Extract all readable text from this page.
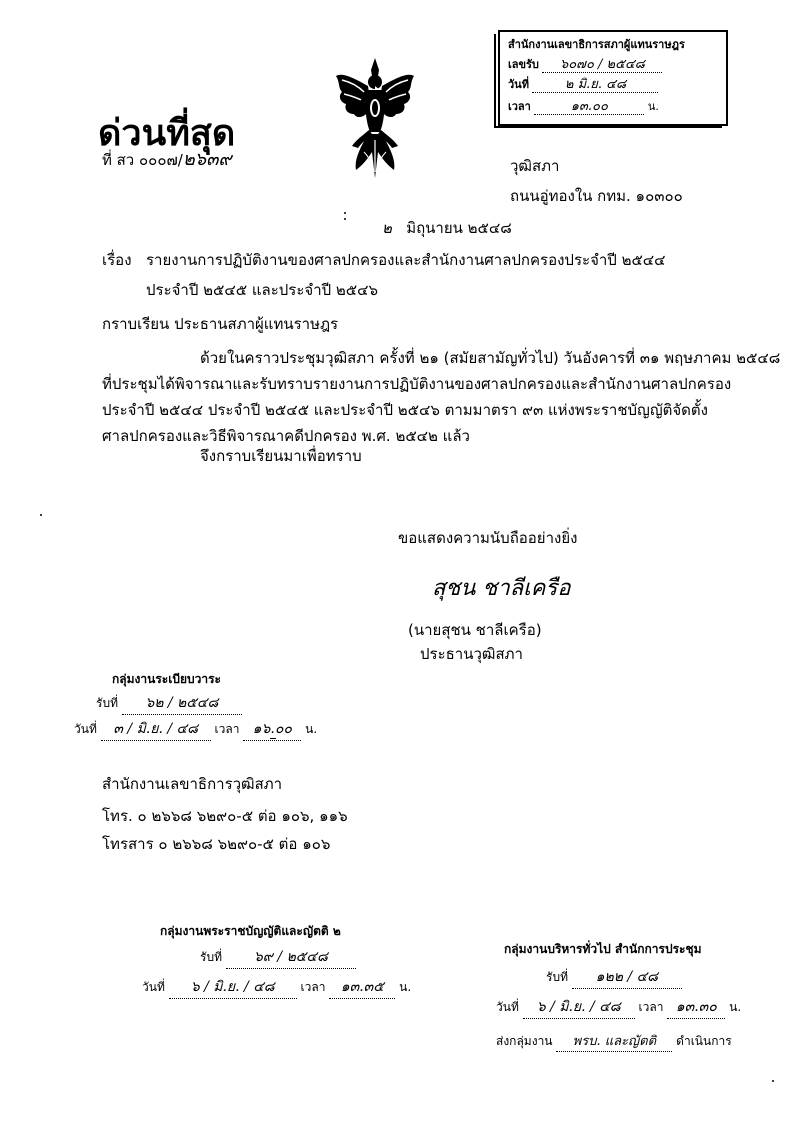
ด่วนที่สุด
ที่ สว ๐๐๐๗/๒๖๓๙
สำนักงานเลขาธิการสภาผู้แทนราษฎร
เลขรับ ๖๐๗๐ / ๒๕๔๘
วันที่	๒ มิ.ย. ๔๘
เวลา	๑๓.๐๐	น.
วุฒิสภา
ถนนอู่ทองใน กทม. ๑๐๓๐๐
๒ มิถุนายน ๒๕๔๘
เรื่อง รายงานการปฏิบัติงานของศาลปกครองและสำนักงานศาลปกครองประจำปี ๒๕๔๔
ประจำปี ๒๕๔๕ และประจำปี ๒๕๔๖
กราบเรียน ประธานสภาผู้แทนราษฎร
ด้วยในคราวประชุมวุฒิสภา ครั้งที่ ๒๑ (สมัยสามัญทั่วไป) วันอังคารที่ ๓๑ พฤษภาคม ๒๕๔๘
ที่ประชุมได้พิจารณาและรับทราบรายงานการปฏิบัติงานของศาลปกครองและสำนักงานศาลปกครอง
ประจำปี ๒๕๔๔ ประจำปี ๒๕๔๕ และประจำปี ๒๕๔๖ ตามมาตรา ๙๓ แห่งพระราชบัญญัติจัดตั้ง
ศาลปกครองและวิธีพิจารณาคดีปกครอง พ.ศ. ๒๕๔๒ แล้ว
จึงกราบเรียนมาเพื่อทราบ
ขอแสดงความนับถืออย่างยิ่ง
สุชน ชาลีเครือ
(นายสุชน ชาลีเครือ)
ประธานวุฒิสภา
กลุ่มงานระเบียบวาระ
รับที่ ๖๒ / ๒๕๔๘
วันที่ ๓ / มิ.ย. / ๔๘ เวลา ๑๖.๐๐ น.
สำนักงานเลขาธิการวุฒิสภา
โทร. ๐ ๒๖๖๘ ๖๒๙๐-๕ ต่อ ๑๐๖, ๑๑๖
โทรสาร ๐ ๒๖๖๘ ๖๒๙๐-๕ ต่อ ๑๐๖
กลุ่มงานพระราชบัญญัติและญัตติ ๒
รับที่ ๖๙ / ๒๕๔๘
วันที่ ๖ / มิ.ย. / ๔๘ เวลา ๑๓.๓๕ น.
กลุ่มงานบริหารทั่วไป สำนักการประชุม
รับที่ ๑๒๒ / ๔๘
วันที่ ๖ / มิ.ย. / ๔๘ เวลา ๑๓.๓๐ น.
ส่งกลุ่มงาน พรบ. และญัตติ ดำเนินการ
